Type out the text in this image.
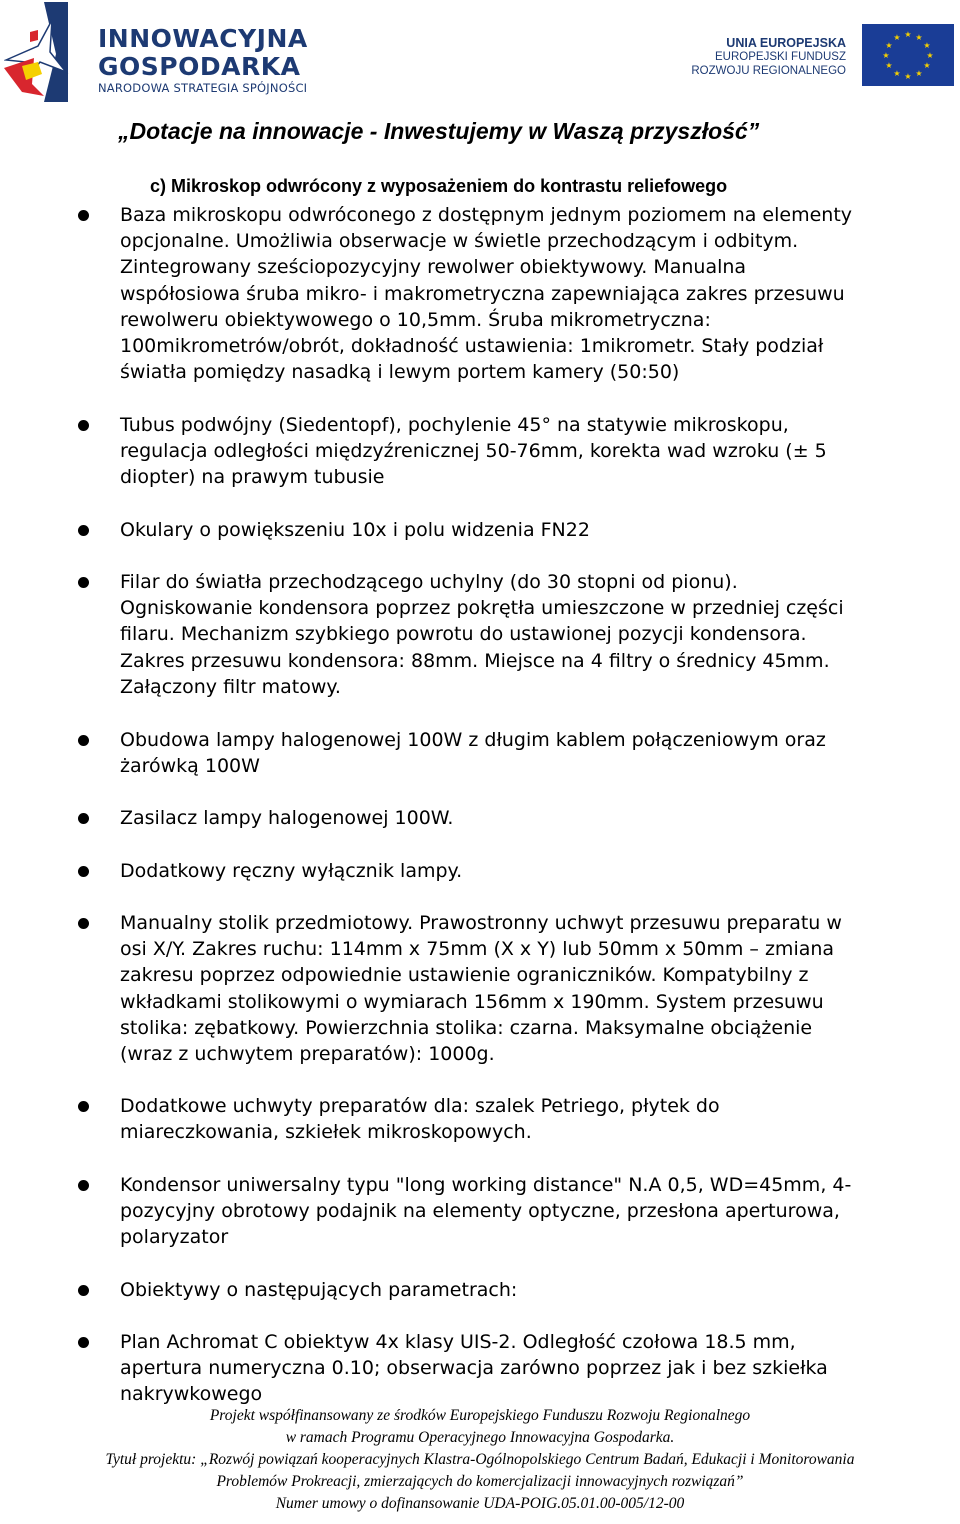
INNOWACYJNA
GOSPODARKA
NARODOWA STRATEGIA SPÓJNOŚCI
UNIA EUROPEJSKA
EUROPEJSKI FUNDUSZ
ROZWOJU REGIONALNEGO
★ ★
★
★
★
★
★
★
★
★
★
★
„Dotacje na innowacje - Inwestujemy w Waszą przyszłość”
c) Mikroskop odwrócony z wyposażeniem do kontrastu reliefowego
Baza mikroskopu odwróconego z dostępnym jednym poziomem na elementy
opcjonalne. Umożliwia obserwacje w świetle przechodzącym i odbitym.
Zintegrowany sześciopozycyjny rewolwer obiektywowy. Manualna
współosiowa śruba mikro- i makrometryczna zapewniająca zakres przesuwu
rewolweru obiektywowego o 10,5mm. Śruba mikrometryczna:
100mikrometrów/obrót, dokładność ustawienia: 1mikrometr. Stały podział
światła pomiędzy nasadką i lewym portem kamery (50:50)
Tubus podwójny (Siedentopf), pochylenie 45° na statywie mikroskopu,
regulacja odległości międzyźrenicznej 50-76mm, korekta wad wzroku (± 5
diopter) na prawym tubusie
Okulary o powiększeniu 10x i polu widzenia FN22
Filar do światła przechodzącego uchylny (do 30 stopni od pionu).
Ogniskowanie kondensora poprzez pokrętła umieszczone w przedniej części
filaru. Mechanizm szybkiego powrotu do ustawionej pozycji kondensora.
Zakres przesuwu kondensora: 88mm. Miejsce na 4 filtry o średnicy 45mm.
Załączony filtr matowy.
Obudowa lampy halogenowej 100W z długim kablem połączeniowym oraz
żarówką 100W
Zasilacz lampy halogenowej 100W.
Dodatkowy ręczny wyłącznik lampy.
Manualny stolik przedmiotowy. Prawostronny uchwyt przesuwu preparatu w
osi X/Y. Zakres ruchu: 114mm x 75mm (X x Y) lub 50mm x 50mm – zmiana
zakresu poprzez odpowiednie ustawienie ograniczników. Kompatybilny z
wkładkami stolikowymi o wymiarach 156mm x 190mm. System przesuwu
stolika: zębatkowy. Powierzchnia stolika: czarna. Maksymalne obciążenie
(wraz z uchwytem preparatów): 1000g.
Dodatkowe uchwyty preparatów dla: szalek Petriego, płytek do
miareczkowania, szkiełek mikroskopowych.
Kondensor uniwersalny typu "long working distance" N.A 0,5, WD=45mm, 4-
pozycyjny obrotowy podajnik na elementy optyczne, przesłona aperturowa,
polaryzator
Obiektywy o następujących parametrach:
Plan Achromat C obiektyw 4x klasy UIS-2. Odległość czołowa 18.5 mm,
apertura numeryczna 0.10; obserwacja zarówno poprzez jak i bez szkiełka
nakrywkowego
Projekt współfinansowany ze środków Europejskiego Funduszu Rozwoju Regionalnego
w ramach Programu Operacyjnego Innowacyjna Gospodarka.
Tytuł projektu: „Rozwój powiązań kooperacyjnych Klastra-Ogólnopolskiego Centrum Badań, Edukacji i Monitorowania
Problemów Prokreacji, zmierzających do komercjalizacji innowacyjnych rozwiązań”
Numer umowy o dofinansowanie UDA-POIG.05.01.00-005/12-00
